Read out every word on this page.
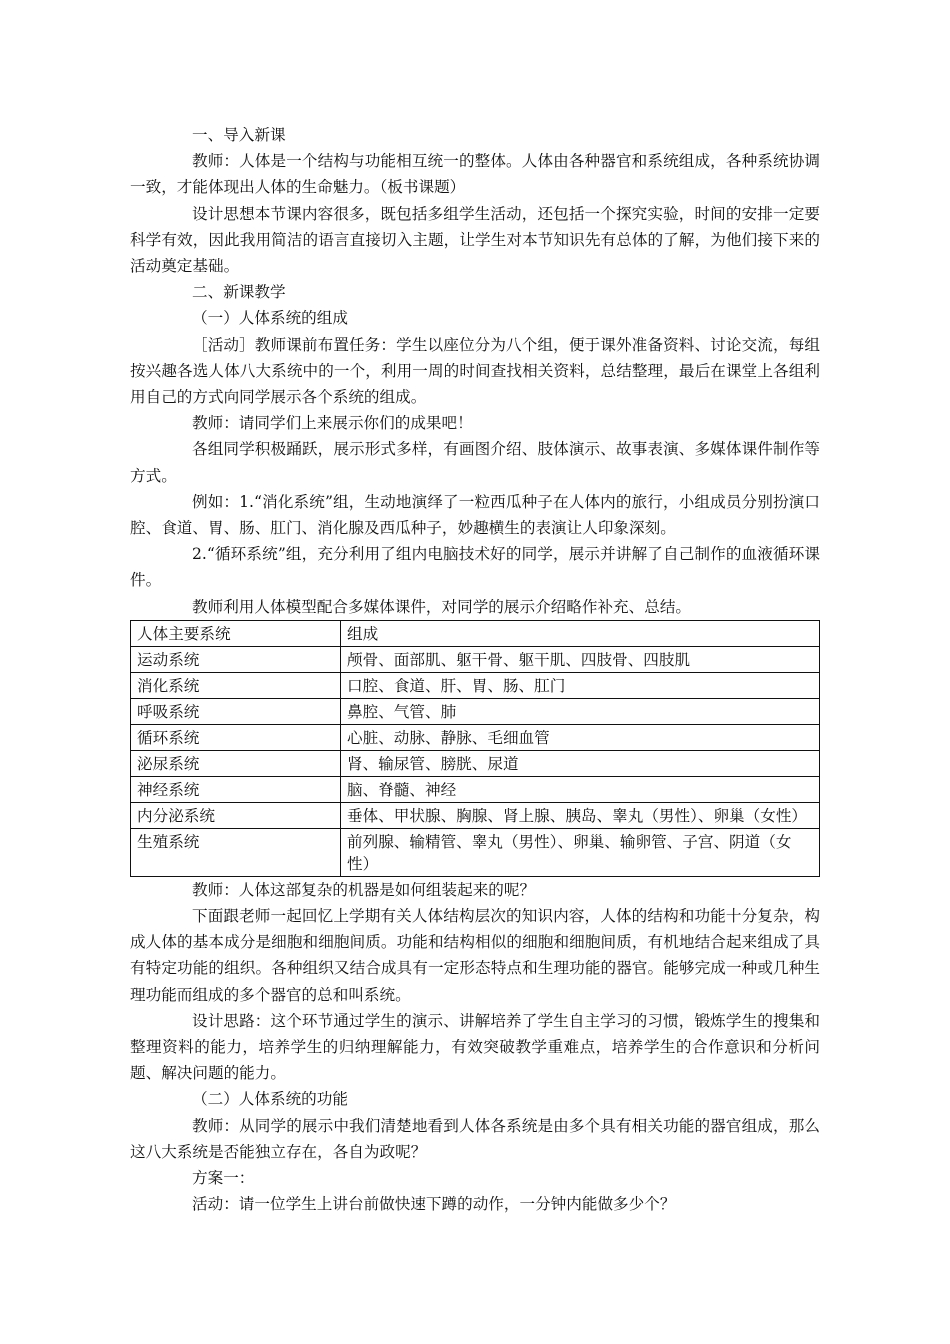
一、导入新课

教师：人体是一个结构与功能相互统一的整体。人体由各种器官和系统组成，各种系统协调一致，才能体现出人体的生命魅力。（板书课题）

设计思想本节课内容很多，既包括多组学生活动，还包括一个探究实验，时间的安排一定要科学有效，因此我用简洁的语言直接切入主题，让学生对本节知识先有总体的了解，为他们接下来的活动奠定基础。

二、新课教学

（一）人体系统的组成

［活动］教师课前布置任务：学生以座位分为八个组，便于课外准备资料、讨论交流，每组按兴趣各选人体八大系统中的一个，利用一周的时间查找相关资料，总结整理，最后在课堂上各组利用自己的方式向同学展示各个系统的组成。

教师：请同学们上来展示你们的成果吧！

各组同学积极踊跃，展示形式多样，有画图介绍、肢体演示、故事表演、多媒体课件制作等方式。

例如：1.“消化系统”组，生动地演绎了一粒西瓜种子在人体内的旅行，小组成员分别扮演口腔、食道、胃、肠、肛门、消化腺及西瓜种子，妙趣横生的表演让人印象深刻。

2.“循环系统”组，充分利用了组内电脑技术好的同学，展示并讲解了自己制作的血液循环课件。

教师利用人体模型配合多媒体课件，对同学的展示介绍略作补充、总结。

人体主要系统	组成
运动系统	颅骨、面部肌、躯干骨、躯干肌、四肢骨、四肢肌
消化系统	口腔、食道、肝、胃、肠、肛门
呼吸系统	鼻腔、气管、肺
循环系统	心脏、动脉、静脉、毛细血管
泌尿系统	肾、输尿管、膀胱、尿道
神经系统	脑、脊髓、神经
内分泌系统	垂体、甲状腺、胸腺、肾上腺、胰岛、睾丸（男性）、卵巢（女性）
生殖系统	前列腺、输精管、睾丸（男性）、卵巢、输卵管、子宫、阴道（女性）

教师：人体这部复杂的机器是如何组装起来的呢？

下面跟老师一起回忆上学期有关人体结构层次的知识内容，人体的结构和功能十分复杂，构成人体的基本成分是细胞和细胞间质。功能和结构相似的细胞和细胞间质，有机地结合起来组成了具有特定功能的组织。各种组织又结合成具有一定形态特点和生理功能的器官。能够完成一种或几种生理功能而组成的多个器官的总和叫系统。

设计思路：这个环节通过学生的演示、讲解培养了学生自主学习的习惯，锻炼学生的搜集和整理资料的能力，培养学生的归纳理解能力，有效突破教学重难点，培养学生的合作意识和分析问题、解决问题的能力。

（二）人体系统的功能

教师：从同学的展示中我们清楚地看到人体各系统是由多个具有相关功能的器官组成，那么这八大系统是否能独立存在，各自为政呢？

方案一：

活动：请一位学生上讲台前做快速下蹲的动作，一分钟内能做多少个？
